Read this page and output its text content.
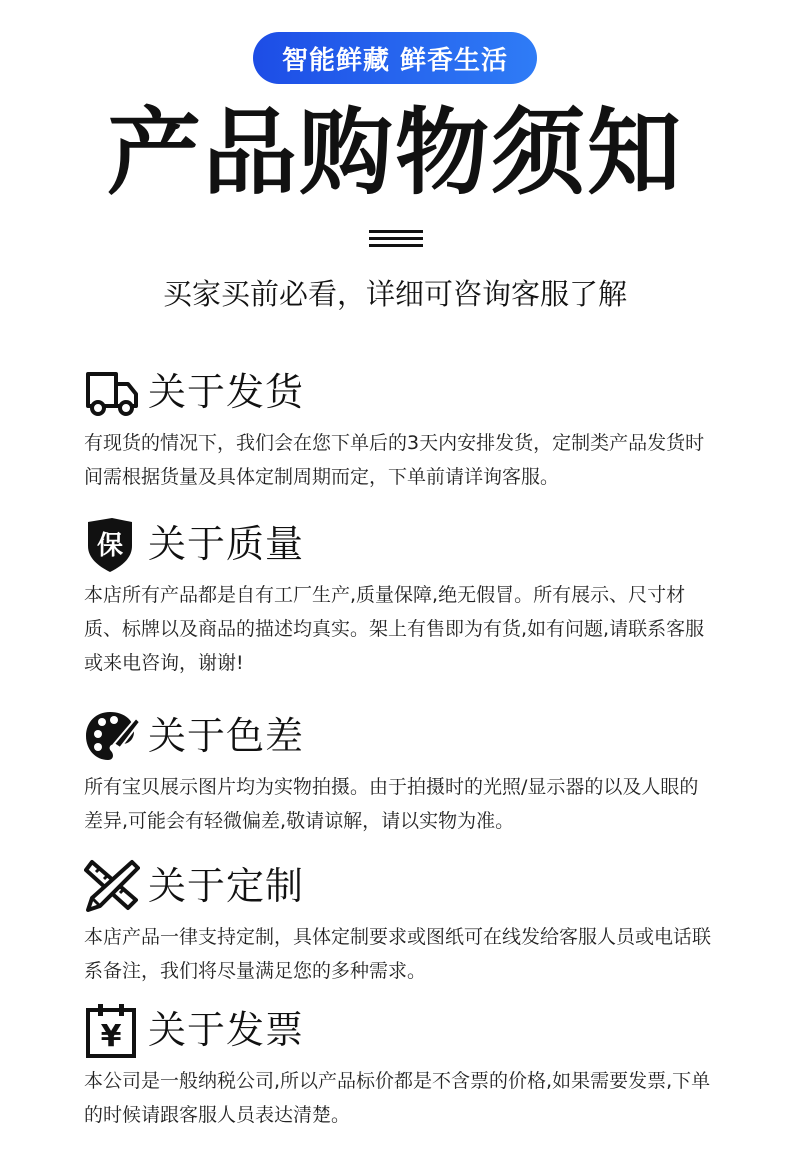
智能鲜藏 鲜香生活
产品购物须知
买家买前必看，详细可咨询客服了解
关于发货
有现货的情况下，我们会在您下单后的3天内安排发货，定制类产品发货时间需根据货量及具体定制周期而定，下单前请详询客服。
保 关于质量
本店所有产品都是自有工厂生产,质量保障,绝无假冒。所有展示、尺寸材质、标牌以及商品的描述均真实。架上有售即为有货,如有问题,请联系客服或来电咨询，谢谢!
关于色差
所有宝贝展示图片均为实物拍摄。由于拍摄时的光照/显示器的以及人眼的差异,可能会有轻微偏差,敬请谅解，请以实物为准。
关于定制
本店产品一律支持定制，具体定制要求或图纸可在线发给客服人员或电话联系备注，我们将尽量满足您的多种需求。
¥ 关于发票
本公司是一般纳税公司,所以产品标价都是不含票的价格,如果需要发票,下单的时候请跟客服人员表达清楚。
